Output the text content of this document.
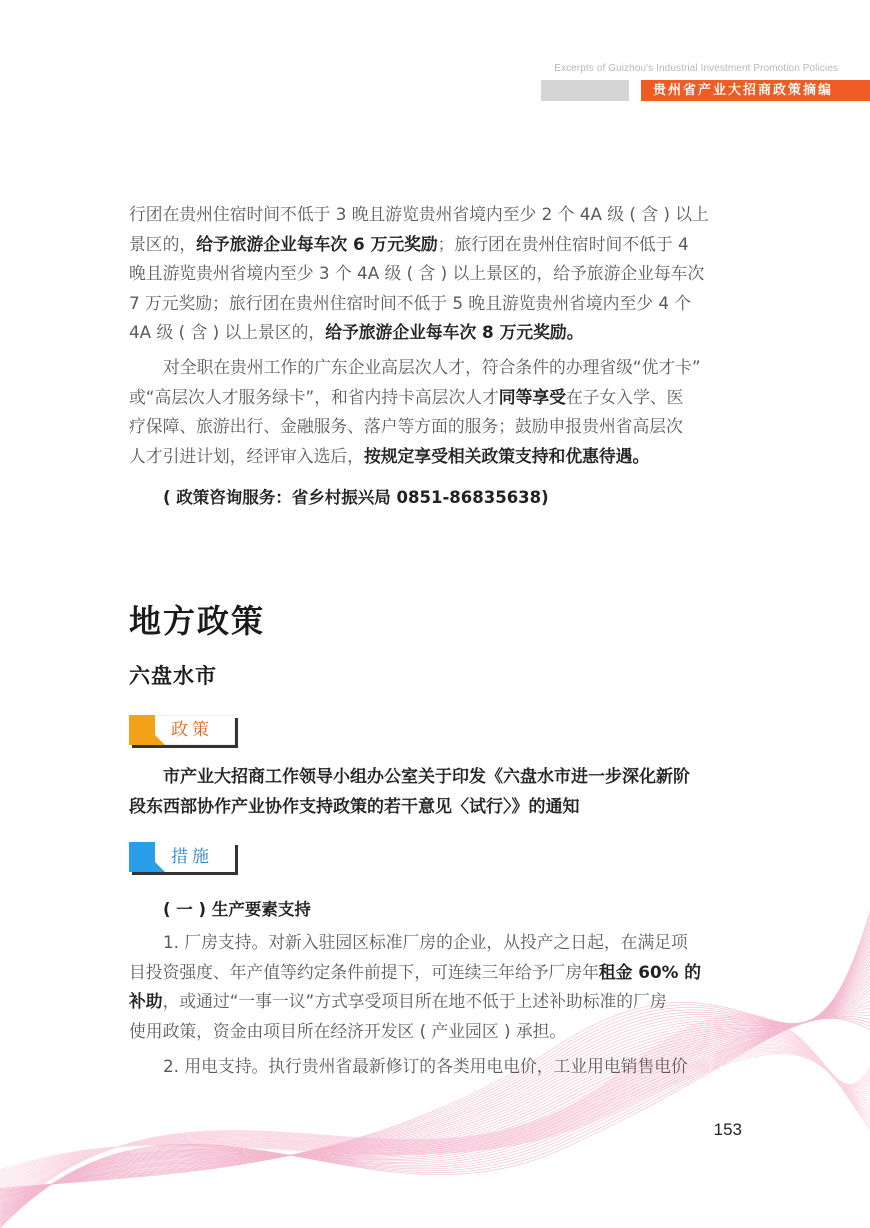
Excerpts of Guizhou's Industrial Investment Promotion Policies
贵州省产业大招商政策摘编
行团在贵州住宿时间不低于 3 晚且游览贵州省境内至少 2 个 4A 级 ( 含 ) 以上
景区的，给予旅游企业每车次 6 万元奖励；旅行团在贵州住宿时间不低于 4
晚且游览贵州省境内至少 3 个 4A 级 ( 含 ) 以上景区的，给予旅游企业每车次
7 万元奖励；旅行团在贵州住宿时间不低于 5 晚且游览贵州省境内至少 4 个
4A 级 ( 含 ) 以上景区的，给予旅游企业每车次 8 万元奖励。
对全职在贵州工作的广东企业高层次人才，符合条件的办理省级“优才卡”
或“高层次人才服务绿卡”，和省内持卡高层次人才同等享受在子女入学、医
疗保障、旅游出行、金融服务、落户等方面的服务；鼓励申报贵州省高层次
人才引进计划，经评审入选后，按规定享受相关政策支持和优惠待遇。
( 政策咨询服务：省乡村振兴局 0851-86835638)
地方政策
六盘水市
政策
市产业大招商工作领导小组办公室关于印发《六盘水市进一步深化新阶
段东西部协作产业协作支持政策的若干意见〈试行〉》的通知
措施
( 一 ) 生产要素支持
1. 厂房支持。对新入驻园区标准厂房的企业，从投产之日起，在满足项
目投资强度、年产值等约定条件前提下，可连续三年给予厂房年租金 60% 的
补助，或通过“一事一议”方式享受项目所在地不低于上述补助标准的厂房
使用政策，资金由项目所在经济开发区 ( 产业园区 ) 承担。
2. 用电支持。执行贵州省最新修订的各类用电电价，工业用电销售电价
153
